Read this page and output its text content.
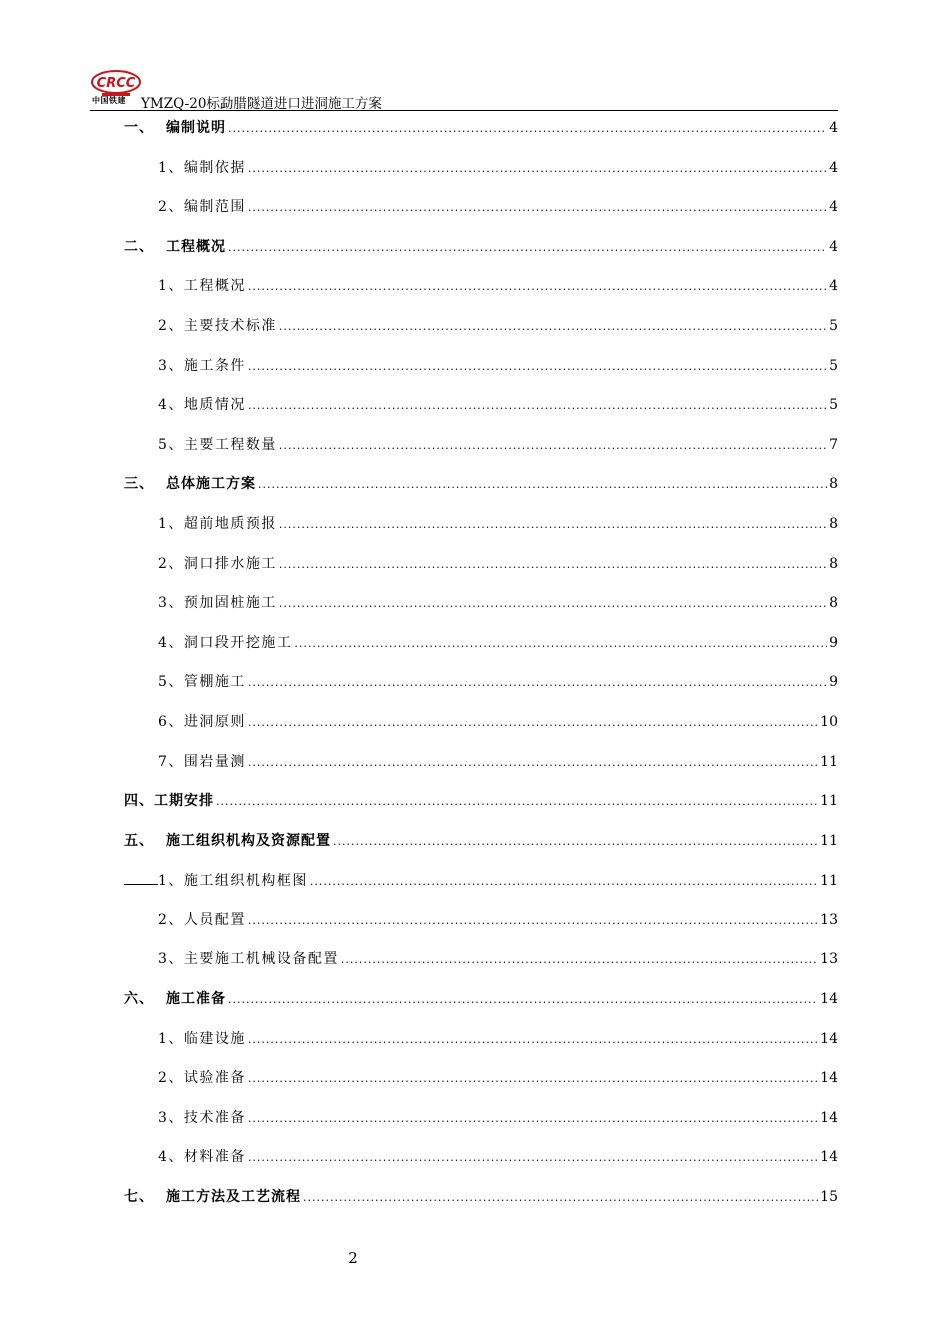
CRCC
中国铁建 YMZQ-20标勐腊隧道进口进洞施工方案
一、 编制说明 .....	4
1、编制依据 .....	4
2、编制范围 .....	4
二、 工程概况 .....	4
1、工程概况 .....	4
2、主要技术标准 .....	5
3、施工条件 .....	5
4、地质情况 .....	5
5、主要工程数量 .....	7
三、 总体施工方案 .....	8
1、超前地质预报 .....	8
2、洞口排水施工 .....	8
3、预加固桩施工 .....	8
4、洞口段开挖施工 .....	9
5、管棚施工 .....	9
6、进洞原则 .....	10
7、围岩量测 .....	11
四、工期安排 .....	11
五、 施工组织机构及资源配置 .....	11
1、施工组织机构框图 .....	11
2、人员配置 .....	13
3、主要施工机械设备配置 .....	13
六、 施工准备 .....	14
1、临建设施 .....	14
2、试验准备 .....	14
3、技术准备 .....	14
4、材料准备 .....	14
七、 施工方法及工艺流程 .....	15
2
